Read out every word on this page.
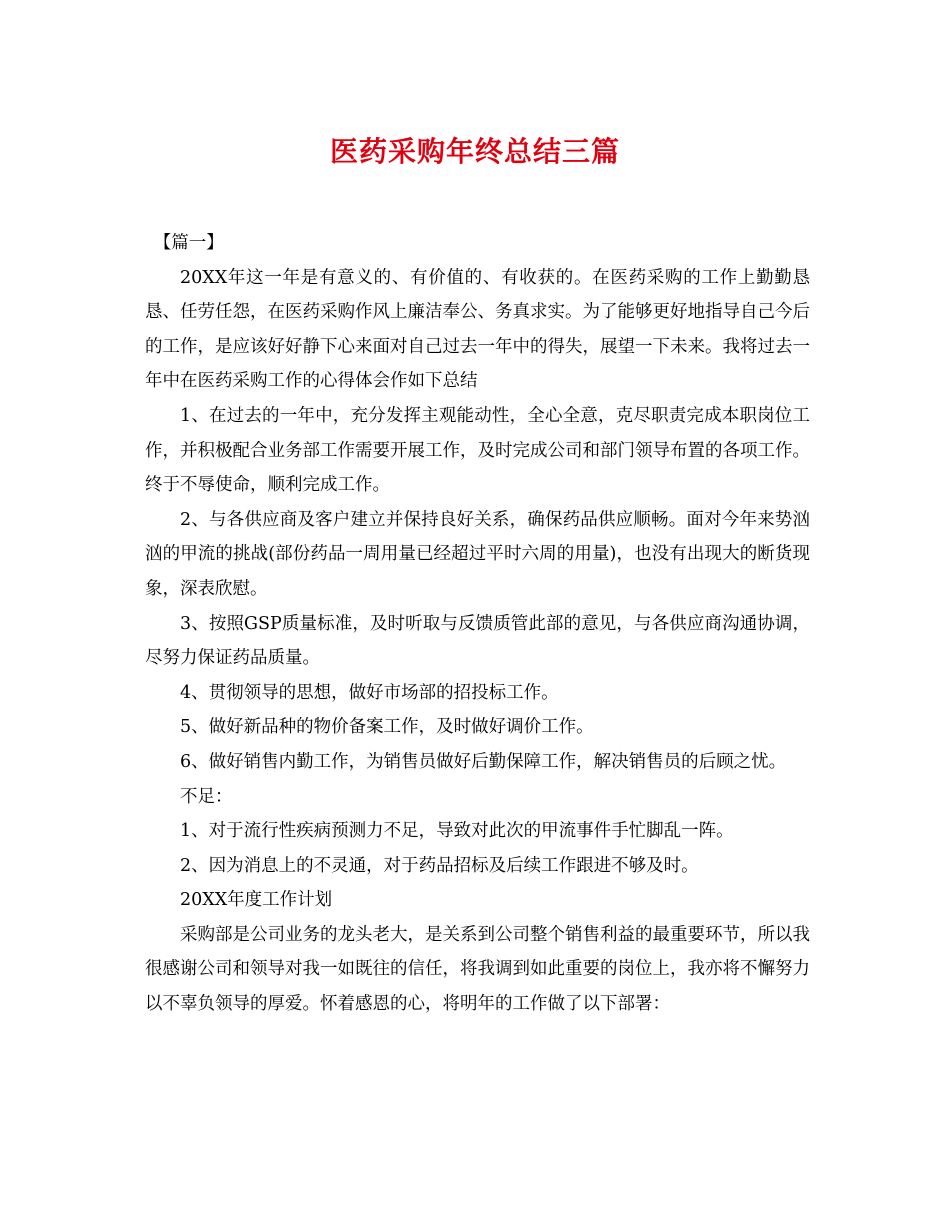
医药采购年终总结三篇

【篇一】

20XX年这一年是有意义的、有价值的、有收获的。在医药采购的工作上勤勤恳恳、任劳任怨，在医药采购作风上廉洁奉公、务真求实。为了能够更好地指导自己今后的工作，是应该好好静下心来面对自己过去一年中的得失，展望一下未来。我将过去一年中在医药采购工作的心得体会作如下总结

1、在过去的一年中，充分发挥主观能动性，全心全意，克尽职责完成本职岗位工作，并积极配合业务部工作需要开展工作，及时完成公司和部门领导布置的各项工作。终于不辱使命，顺利完成工作。

2、与各供应商及客户建立并保持良好关系，确保药品供应顺畅。面对今年来势汹汹的甲流的挑战(部份药品一周用量已经超过平时六周的用量)，也没有出现大的断货现象，深表欣慰。

3、按照GSP质量标准，及时听取与反馈质管此部的意见，与各供应商沟通协调，尽努力保证药品质量。

4、贯彻领导的思想，做好市场部的招投标工作。

5、做好新品种的物价备案工作，及时做好调价工作。

6、做好销售内勤工作，为销售员做好后勤保障工作，解决销售员的后顾之忧。

不足：

1、对于流行性疾病预测力不足，导致对此次的甲流事件手忙脚乱一阵。

2、因为消息上的不灵通，对于药品招标及后续工作跟进不够及时。

20XX年度工作计划

采购部是公司业务的龙头老大，是关系到公司整个销售利益的最重要环节，所以我很感谢公司和领导对我一如既往的信任，将我调到如此重要的岗位上，我亦将不懈努力以不辜负领导的厚爱。怀着感恩的心，将明年的工作做了以下部署：
